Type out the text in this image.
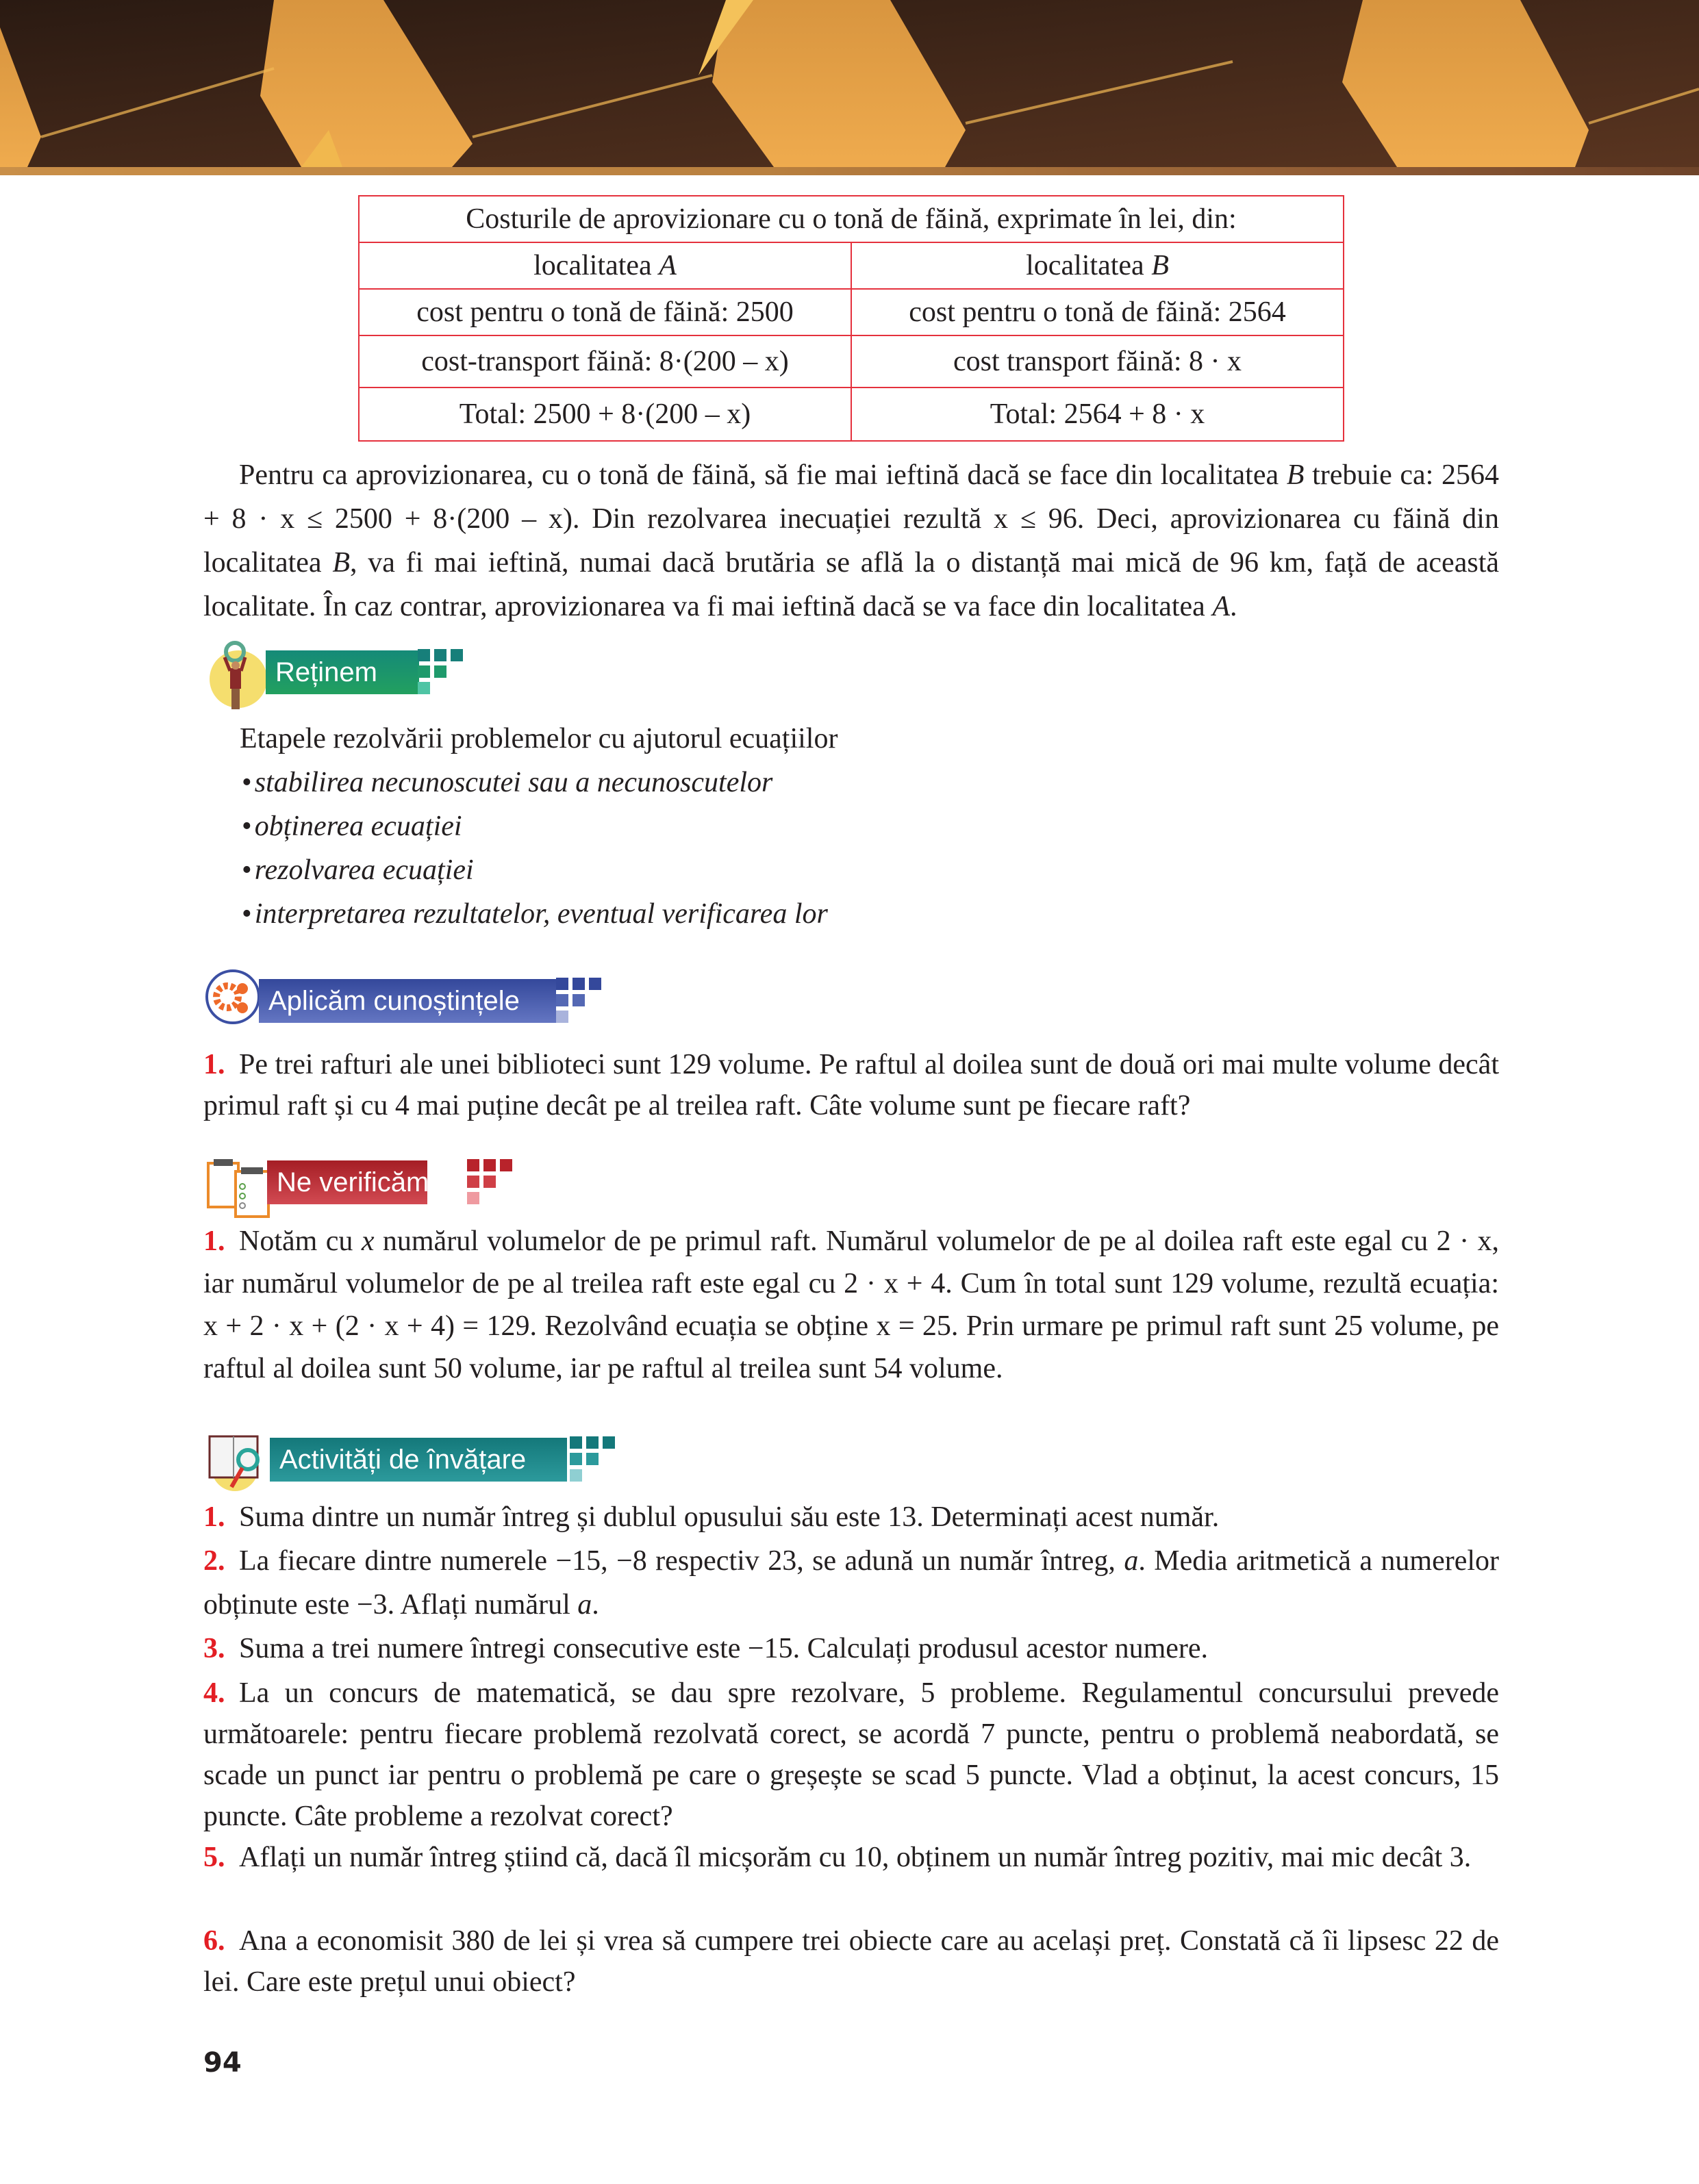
Costurile de aprovizionare cu o tonă de făină, exprimate în lei, din:	
localitatea A	localitatea B
cost pentru o tonă de făină: 2500	cost pentru o tonă de făină: 2564
cost-transport făină: 8·(200 – x)	cost transport făină: 8 · x
Total: 2500 + 8·(200 – x)	Total: 2564 + 8 · x
Pentru ca aprovizionarea, cu o tonă de făină, să fie mai ieftină dacă se face din localitatea B trebuie ca: 2564 + 8 · x ≤ 2500 + 8·(200 – x). Din rezolvarea inecuației rezultă x ≤ 96. Deci, aprovizionarea cu făină din localitatea B, va fi mai ieftină, numai dacă brutăria se află la o distanță mai mică de 96 km, față de această localitate. În caz contrar, aprovizionarea va fi mai ieftină dacă se va face din localitatea A.
Reținem
Etapele rezolvării problemelor cu ajutorul ecuațiilor
•stabilirea necunoscutei sau a necunoscutelor
•obținerea ecuației
•rezolvarea ecuației
•interpretarea rezultatelor, eventual verificarea lor
Aplicăm cunoștințele
1. Pe trei rafturi ale unei biblioteci sunt 129 volume. Pe raftul al doilea sunt de două ori mai multe volume decât primul raft și cu 4 mai puține decât pe al treilea raft. Câte volume sunt pe fiecare raft?
Ne verificăm
1. Notăm cu x numărul volumelor de pe primul raft. Numărul volumelor de pe al doilea raft este egal cu 2 · x, iar numărul volumelor de pe al treilea raft este egal cu 2 · x + 4. Cum în total sunt 129 volume, rezultă ecuația: x + 2 · x + (2 · x + 4) = 129. Rezolvând ecuația se obține x = 25. Prin urmare pe primul raft sunt 25 volume, pe raftul al doilea sunt 50 volume, iar pe raftul al treilea sunt 54 volume.
Activități de învățare
1. Suma dintre un număr întreg și dublul opusului său este 13. Determinați acest număr.
2. La fiecare dintre numerele −15, −8 respectiv 23, se adună un număr întreg, a. Media aritmetică a numerelor obținute este −3. Aflați numărul a.
3. Suma a trei numere întregi consecutive este −15. Calculați produsul acestor numere.
4. La un concurs de matematică, se dau spre rezolvare, 5 probleme. Regulamentul concursului prevede următoarele: pentru fiecare problemă rezolvată corect, se acordă 7 puncte, pentru o problemă neabordată, se scade un punct iar pentru o problemă pe care o greșește se scad 5 puncte. Vlad a obținut, la acest concurs, 15 puncte. Câte probleme a rezolvat corect?
5. Aflați un număr întreg știind că, dacă îl micșorăm cu 10, obținem un număr întreg pozitiv, mai mic decât 3.
6. Ana a economisit 380 de lei și vrea să cumpere trei obiecte care au același preț. Constată că îi lipsesc 22 de lei. Care este prețul unui obiect?
94
